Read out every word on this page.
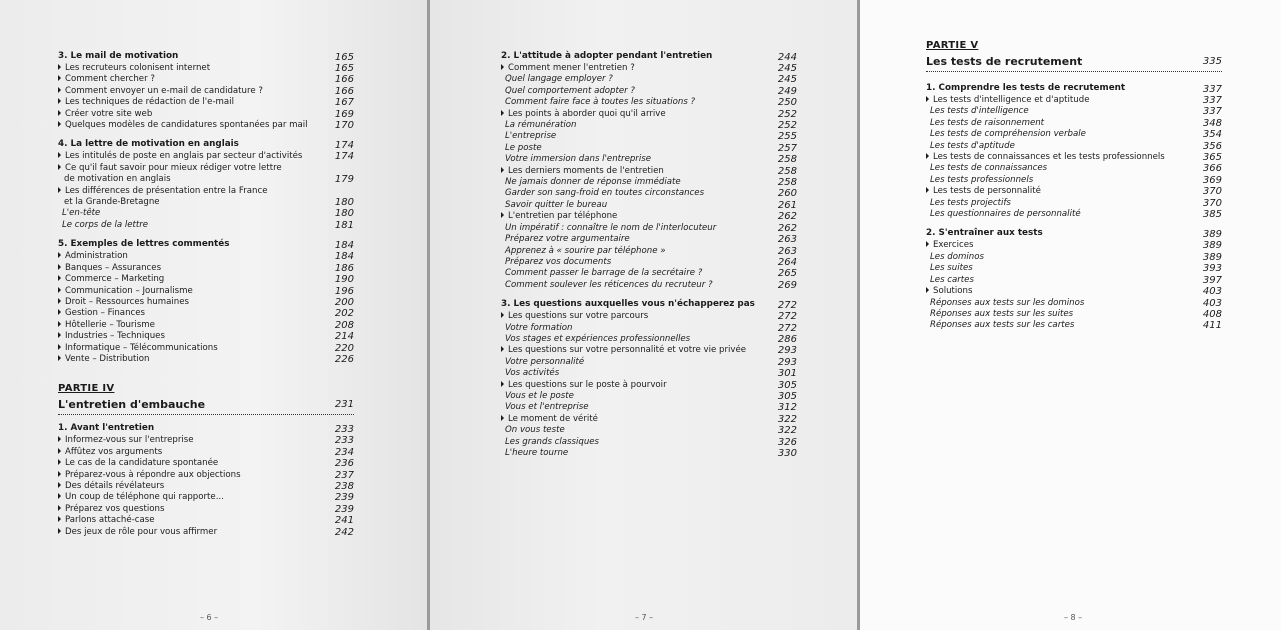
3. Le mail de motivation	165
Les recruteurs colonisent internet	165
Comment chercher ?	166
Comment envoyer un e-mail de candidature ?	166
Les techniques de rédaction de l'e-mail	167
Créer votre site web	169
Quelques modèles de candidatures spontanées par mail	170
4. La lettre de motivation en anglais	174
Les intitulés de poste en anglais par secteur d'activités	174
Ce qu'il faut savoir pour mieux rédiger votre lettre
de motivation en anglais	179
Les différences de présentation entre la France
et la Grande-Bretagne	180
L'en-tête	180
Le corps de la lettre	181
5. Exemples de lettres commentés	184
Administration	184
Banques – Assurances	186
Commerce – Marketing	190
Communication – Journalisme	196
Droit – Ressources humaines	200
Gestion – Finances	202
Hôtellerie – Tourisme	208
Industries – Techniques	214
Informatique – Télécommunications	220
Vente – Distribution	226
PARTIE IV
L'entretien d'embauche	231
1. Avant l'entretien	233
Informez-vous sur l'entreprise	233
Affûtez vos arguments	234
Le cas de la candidature spontanée	236
Préparez-vous à répondre aux objections	237
Des détails révélateurs	238
Un coup de téléphone qui rapporte...	239
Préparez vos questions	239
Parlons attaché-case	241
Des jeux de rôle pour vous affirmer	242
– 6 –
2. L'attitude à adopter pendant l'entretien	244
Comment mener l'entretien ?	245
Quel langage employer ?	245
Quel comportement adopter ?	249
Comment faire face à toutes les situations ?	250
Les points à aborder quoi qu'il arrive	252
La rémunération	252
L'entreprise	255
Le poste	257
Votre immersion dans l'entreprise	258
Les derniers moments de l'entretien	258
Ne jamais donner de réponse immédiate	258
Garder son sang-froid en toutes circonstances	260
Savoir quitter le bureau	261
L'entretien par téléphone	262
Un impératif : connaître le nom de l'interlocuteur	262
Préparez votre argumentaire	263
Apprenez à « sourire par téléphone »	263
Préparez vos documents	264
Comment passer le barrage de la secrétaire ?	265
Comment soulever les réticences du recruteur ?	269
3. Les questions auxquelles vous n'échapperez pas 272
Les questions sur votre parcours	272
Votre formation	272
Vos stages et expériences professionnelles	286
Les questions sur votre personnalité et votre vie privée	293
Votre personnalité	293
Vos activités	301
Les questions sur le poste à pourvoir	305
Vous et le poste	305
Vous et l'entreprise	312
Le moment de vérité	322
On vous teste	322
Les grands classiques	326
L'heure tourne	330
– 7 –
PARTIE V
Les tests de recrutement	335
1. Comprendre les tests de recrutement	337
Les tests d'intelligence et d'aptitude	337
Les tests d'intelligence	337
Les tests de raisonnement	348
Les tests de compréhension verbale	354
Les tests d'aptitude	356
Les tests de connaissances et les tests professionnels	365
Les tests de connaissances	366
Les tests professionnels	369
Les tests de personnalité	370
Les tests projectifs	370
Les questionnaires de personnalité	385
2. S'entraîner aux tests	389
Exercices	389
Les dominos	389
Les suites	393
Les cartes	397
Solutions	403
Réponses aux tests sur les dominos	403
Réponses aux tests sur les suites	408
Réponses aux tests sur les cartes	411
– 8 –
